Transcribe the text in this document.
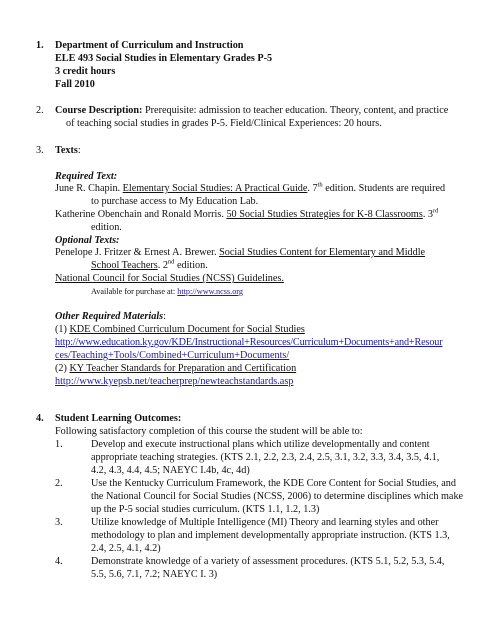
1. Department of Curriculum and Instruction
ELE 493 Social Studies in Elementary Grades P-5
3 credit hours
Fall 2010
2. Course Description: Prerequisite: admission to teacher education. Theory, content, and practice
of teaching social studies in grades P-5. Field/Clinical Experiences: 20 hours.
3. Texts:
Required Text:
June R. Chapin. Elementary Social Studies: A Practical Guide. 7th edition. Students are required
to purchase access to My Education Lab.
Katherine Obenchain and Ronald Morris. 50 Social Studies Strategies for K-8 Classrooms. 3rd
edition.
Optional Texts:
Penelope J. Fritzer & Ernest A. Brewer. Social Studies Content for Elementary and Middle
School Teachers. 2nd edition.
National Council for Social Studies (NCSS) Guidelines.
Available for purchase at: http://www.ncss.org
Other Required Materials:
(1) KDE Combined Curriculum Document for Social Studies
http://www.education.ky.gov/KDE/Instructional+Resources/Curriculum+Documents+and+Resour
ces/Teaching+Tools/Combined+Curriculum+Documents/
(2) KY Teacher Standards for Preparation and Certification
http://www.kyepsb.net/teacherprep/newteachstandards.asp
4. Student Learning Outcomes:
Following satisfactory completion of this course the student will be able to:
1.	Develop and execute instructional plans which utilize developmentally and content
appropriate teaching strategies. (KTS 2.1, 2.2, 2.3, 2.4, 2.5, 3.1, 3.2, 3.3, 3.4, 3.5, 4.1,
4.2, 4.3, 4.4, 4.5; NAEYC I.4b, 4c, 4d)
2.	Use the Kentucky Curriculum Framework, the KDE Core Content for Social Studies, and
the National Council for Social Studies (NCSS, 2006) to determine disciplines which make
up the P-5 social studies curriculum. (KTS 1.1, 1.2, 1.3)
3.	Utilize knowledge of Multiple Intelligence (MI) Theory and learning styles and other
methodology to plan and implement developmentally appropriate instruction. (KTS 1.3,
2.4, 2.5, 4.1, 4.2)
4.	Demonstrate knowledge of a variety of assessment procedures. (KTS 5.1, 5.2, 5.3, 5.4,
5.5, 5.6, 7.1, 7.2; NAEYC I. 3)
